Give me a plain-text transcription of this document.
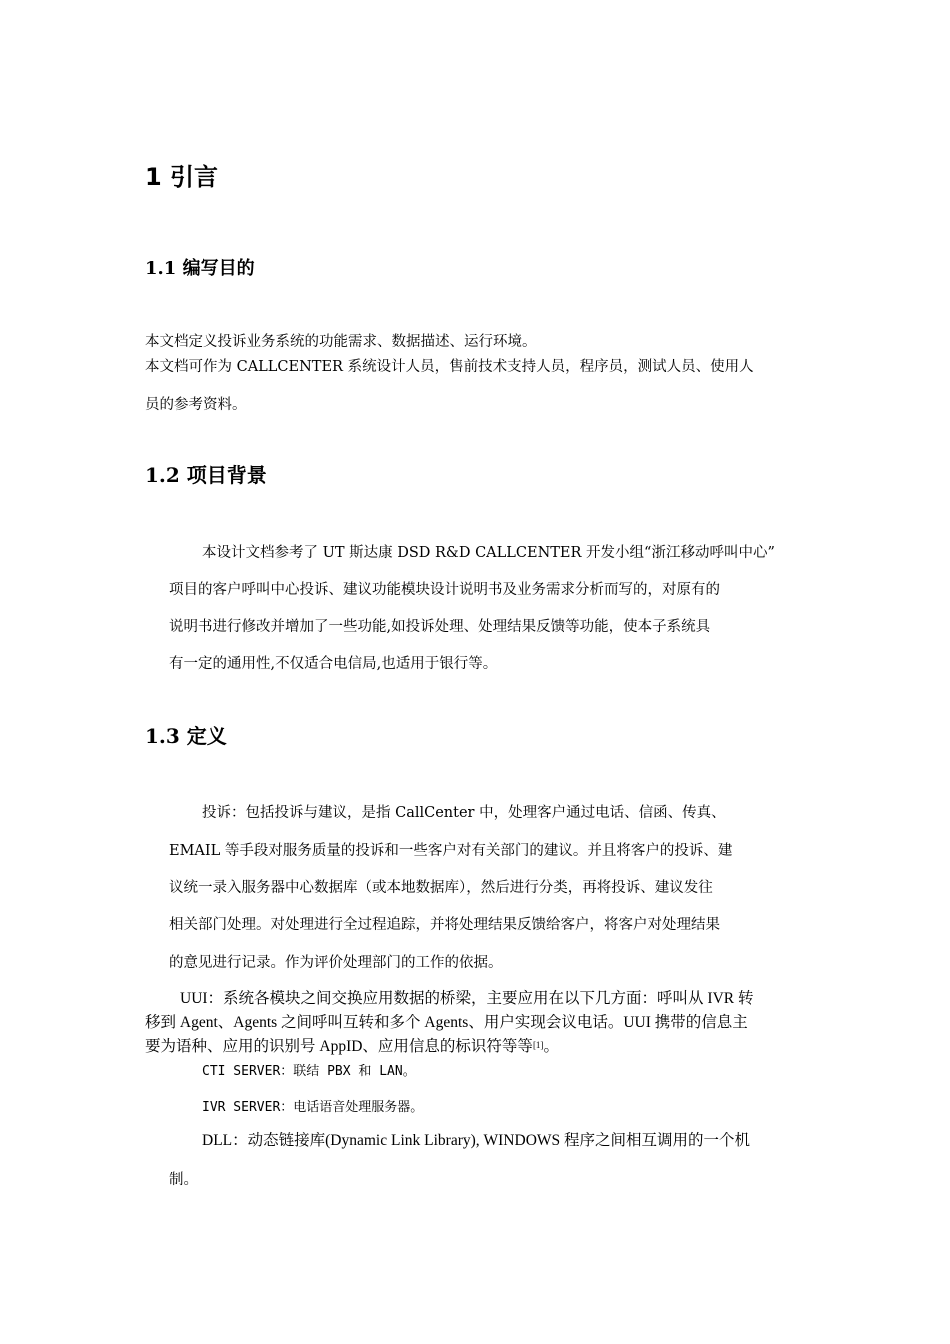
1 引言
1.1 编写目的
本文档定义投诉业务系统的功能需求、数据描述、运行环境。
本文档可作为 CALLCENTER 系统设计人员，售前技术支持人员，程序员，测试人员、使用人
员的参考资料。
1.2 项目背景
本设计文档参考了 UT 斯达康 DSD R&D CALLCENTER 开发小组“浙江移动呼叫中心”
项目的客户呼叫中心投诉、建议功能模块设计说明书及业务需求分析而写的，对原有的
说明书进行修改并增加了一些功能,如投诉处理、处理结果反馈等功能，使本子系统具
有一定的通用性,不仅适合电信局,也适用于银行等。
1.3 定义
投诉：包括投诉与建议，是指 CallCenter 中，处理客户通过电话、信函、传真、
EMAIL 等手段对服务质量的投诉和一些客户对有关部门的建议。并且将客户的投诉、建
议统一录入服务器中心数据库（或本地数据库），然后进行分类，再将投诉、建议发往
相关部门处理。对处理进行全过程追踪，并将处理结果反馈给客户，将客户对处理结果
的意见进行记录。作为评价处理部门的工作的依据。
UUI：系统各模块之间交换应用数据的桥梁，主要应用在以下几方面：呼叫从 IVR 转
移到 Agent、Agents 之间呼叫互转和多个 Agents、用户实现会议电话。UUI 携带的信息主
要为语种、应用的识别号 AppID、应用信息的标识符等等[1]。
CTI SERVER：联结 PBX 和 LAN。
IVR SERVER：电话语音处理服务器。
DLL：动态链接库(Dynamic Link Library), WINDOWS 程序之间相互调用的一个机
制。
